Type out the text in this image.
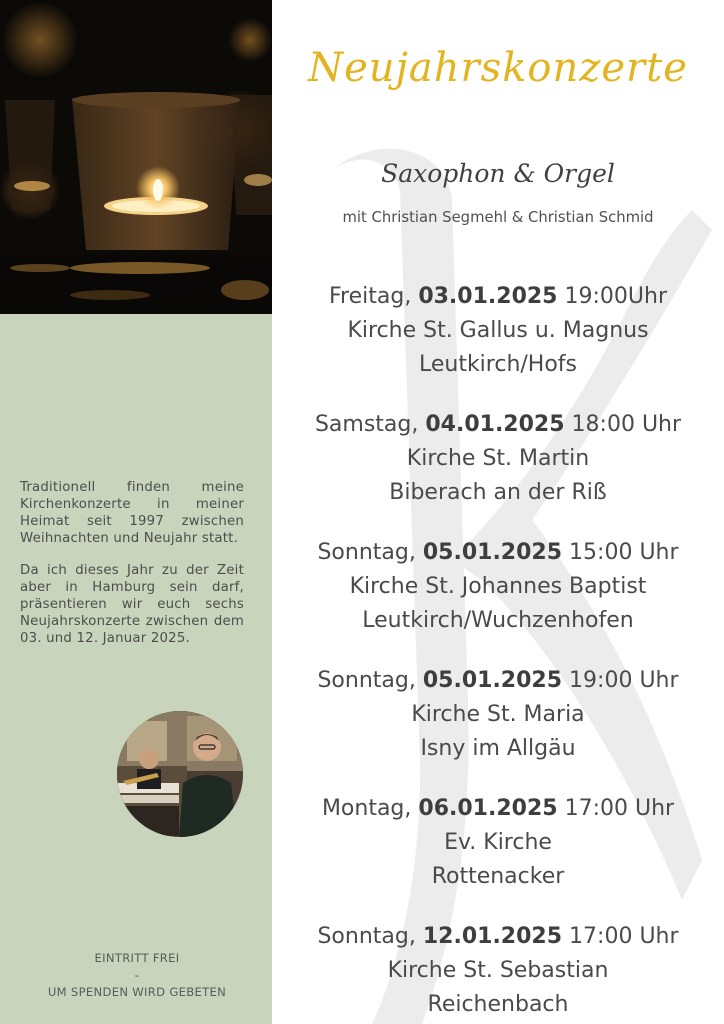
Traditionell finden meine Kirchenkonzerte in meiner Heimat seit 1997 zwischen Weihnachten und Neujahr statt.

Da ich dieses Jahr zu der Zeit aber in Hamburg sein darf, präsentieren wir euch sechs Neujahrskonzerte zwischen dem 03. und 12. Januar 2025.

EINTRITT FREI
-
UM SPENDEN WIRD GEBETEN
Neujahrskonzerte
Saxophon & Orgel
mit Christian Segmehl & Christian Schmid
Freitag, 03.01.2025 19:00Uhr
Kirche St. Gallus u. Magnus
Leutkirch/Hofs
Samstag, 04.01.2025 18:00 Uhr
Kirche St. Martin
Biberach an der Riß
Sonntag, 05.01.2025 15:00 Uhr
Kirche St. Johannes Baptist
Leutkirch/Wuchzenhofen
Sonntag, 05.01.2025 19:00 Uhr
Kirche St. Maria
Isny im Allgäu
Montag, 06.01.2025 17:00 Uhr
Ev. Kirche
Rottenacker
Sonntag, 12.01.2025 17:00 Uhr
Kirche St. Sebastian
Reichenbach
